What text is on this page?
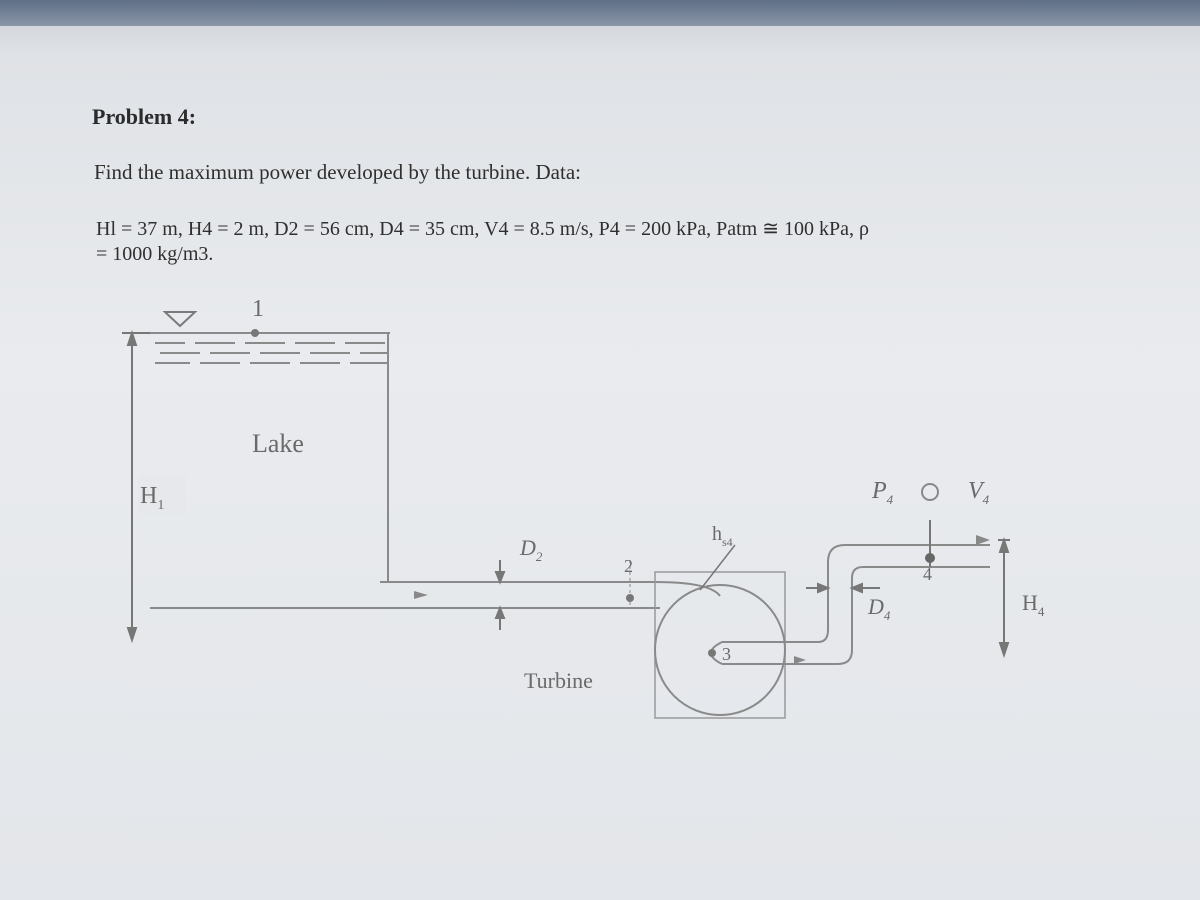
Problem 4:
Find the maximum power developed by the turbine. Data:
Hl = 37 m, H4 = 2 m, D2 = 56 cm, D4 = 35 cm, V4 = 8.5 m/s, P4 = 200 kPa, Patm ≅ 100 kPa, ρ
= 1000 kg/m3.
1
Lake
$H_1$
$D_2$	2
Turbine
$h_{s4}$
3
$D_4$
4
$P_4$	$V_4$
$H_4$
